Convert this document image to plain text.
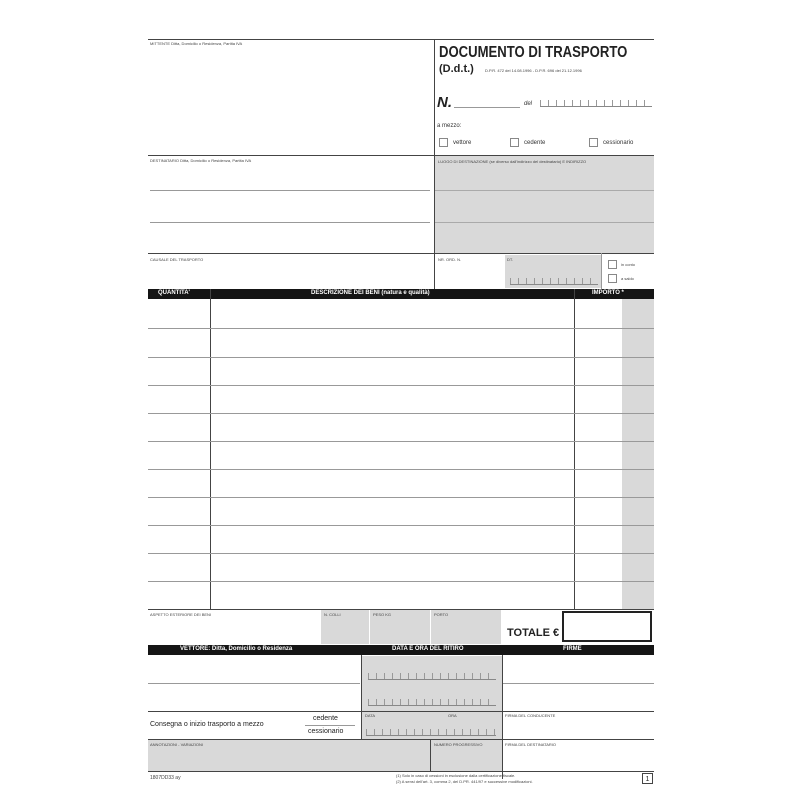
MITTENTE Ditta, Domicilio o Residenza, Partita IVA
DOCUMENTO DI TRASPORTO
(D.d.t.)	D.P.R. 472 del 14.08.1996 - D.P.R. 696 del 21.12.1996
N.	del
a mezzo:
vettore	cedente	cessionario
DESTINATARIO Ditta, Domicilio o Residenza, Partita IVA	LUOGO DI DESTINAZIONE (se diverso dall'indirizzo del destinatario) E INDIRIZZO
CAUSALE DEL TRASPORTO	NR. ORD. N.	DT.
in conto
a saldo
QUANTITA'	DESCRIZIONE DEI BENI (natura e qualità)	IMPORTO *
ASPETTO ESTERIORE DEI BENI	N. COLLI	PESO KG	PORTO
TOTALE €
VETTORE: Ditta, Domicilio o Residenza	DATA E ORA DEL RITIRO	FIRME
Consegna o inizio trasporto a mezzo
cedente
cessionario
DATA	ORA	FIRMA DEL CONDUCENTE
ANNOTAZIONI - VARIAZIONI	NUMERO PROGRESSIVO	FIRMA DEL DESTINATARIO
1807DD33 ay	(1) Solo in caso di cessioni in esclusione dalla certificazione fiscale.
(2) A sensi dell'art. 3, comma 2, del D.PR. 441/97 e successive modificazioni.	1
